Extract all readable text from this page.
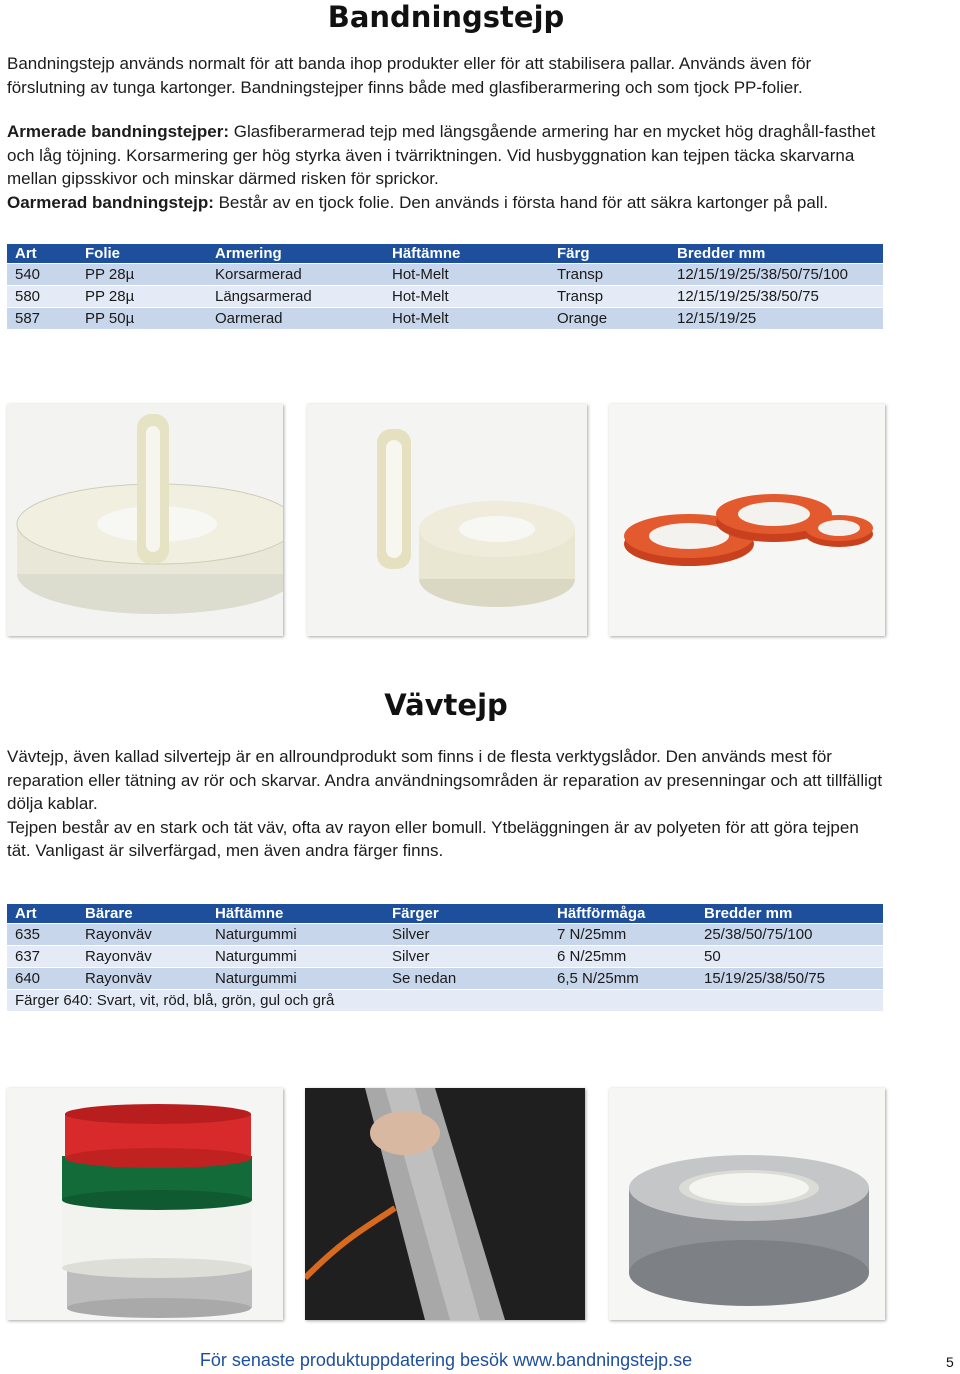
Bandningstejp

Bandningstejp används normalt för att banda ihop produkter eller för att stabilisera pallar. Används även för

förslutning av tunga kartonger. Bandningstejper finns både med glasfiberarmering och som tjock PP-folier.

Armerade bandningstejper: Glasfiberarmerad tejp med längsgående armering har en mycket hög draghåll-fasthet och låg töjning. Korsarmering ger hög styrka även i tvärriktningen. Vid husbyggnation kan tejpen täcka skarvarna mellan gipsskivor och minskar därmed risken för sprickor.

Oarmerad bandningstejp: Består av en tjock folie. Den används i första hand för att säkra kartonger på pall.

Art	Folie	Armering	Häftämne	Färg	Bredder mm
540	PP 28µ	Korsarmerad	Hot-Melt	Transp	12/15/19/25/38/50/75/100
580	PP 28µ	Längsarmerad	Hot-Melt	Transp	12/15/19/25/38/50/75
587	PP 50µ	Oarmerad	Hot-Melt	Orange	12/15/19/25
Vävtejp

Vävtejp, även kallad silvertejp är en allroundprodukt som finns i de flesta verktygslådor. Den används mest för reparation eller tätning av rör och skarvar. Andra användningsområden är reparation av presenningar och att tillfälligt dölja kablar.

Tejpen består av en stark och tät väv, ofta av rayon eller bomull. Ytbeläggningen är av polyeten för att göra tejpen tät. Vanligast är silverfärgad, men även andra färger finns.

Art	Bärare	Häftämne	Färger	Häftförmåga	Bredder mm
635	Rayonväv	Naturgummi	Silver	7 N/25mm	25/38/50/75/100
637	Rayonväv	Naturgummi	Silver	6 N/25mm	50
640	Rayonväv	Naturgummi	Se nedan	6,5 N/25mm	15/19/25/38/50/75
Färger 640: Svart, vit, röd, blå, grön, gul och grå					
För senaste produktuppdatering besök www.bandningstejp.se	5
